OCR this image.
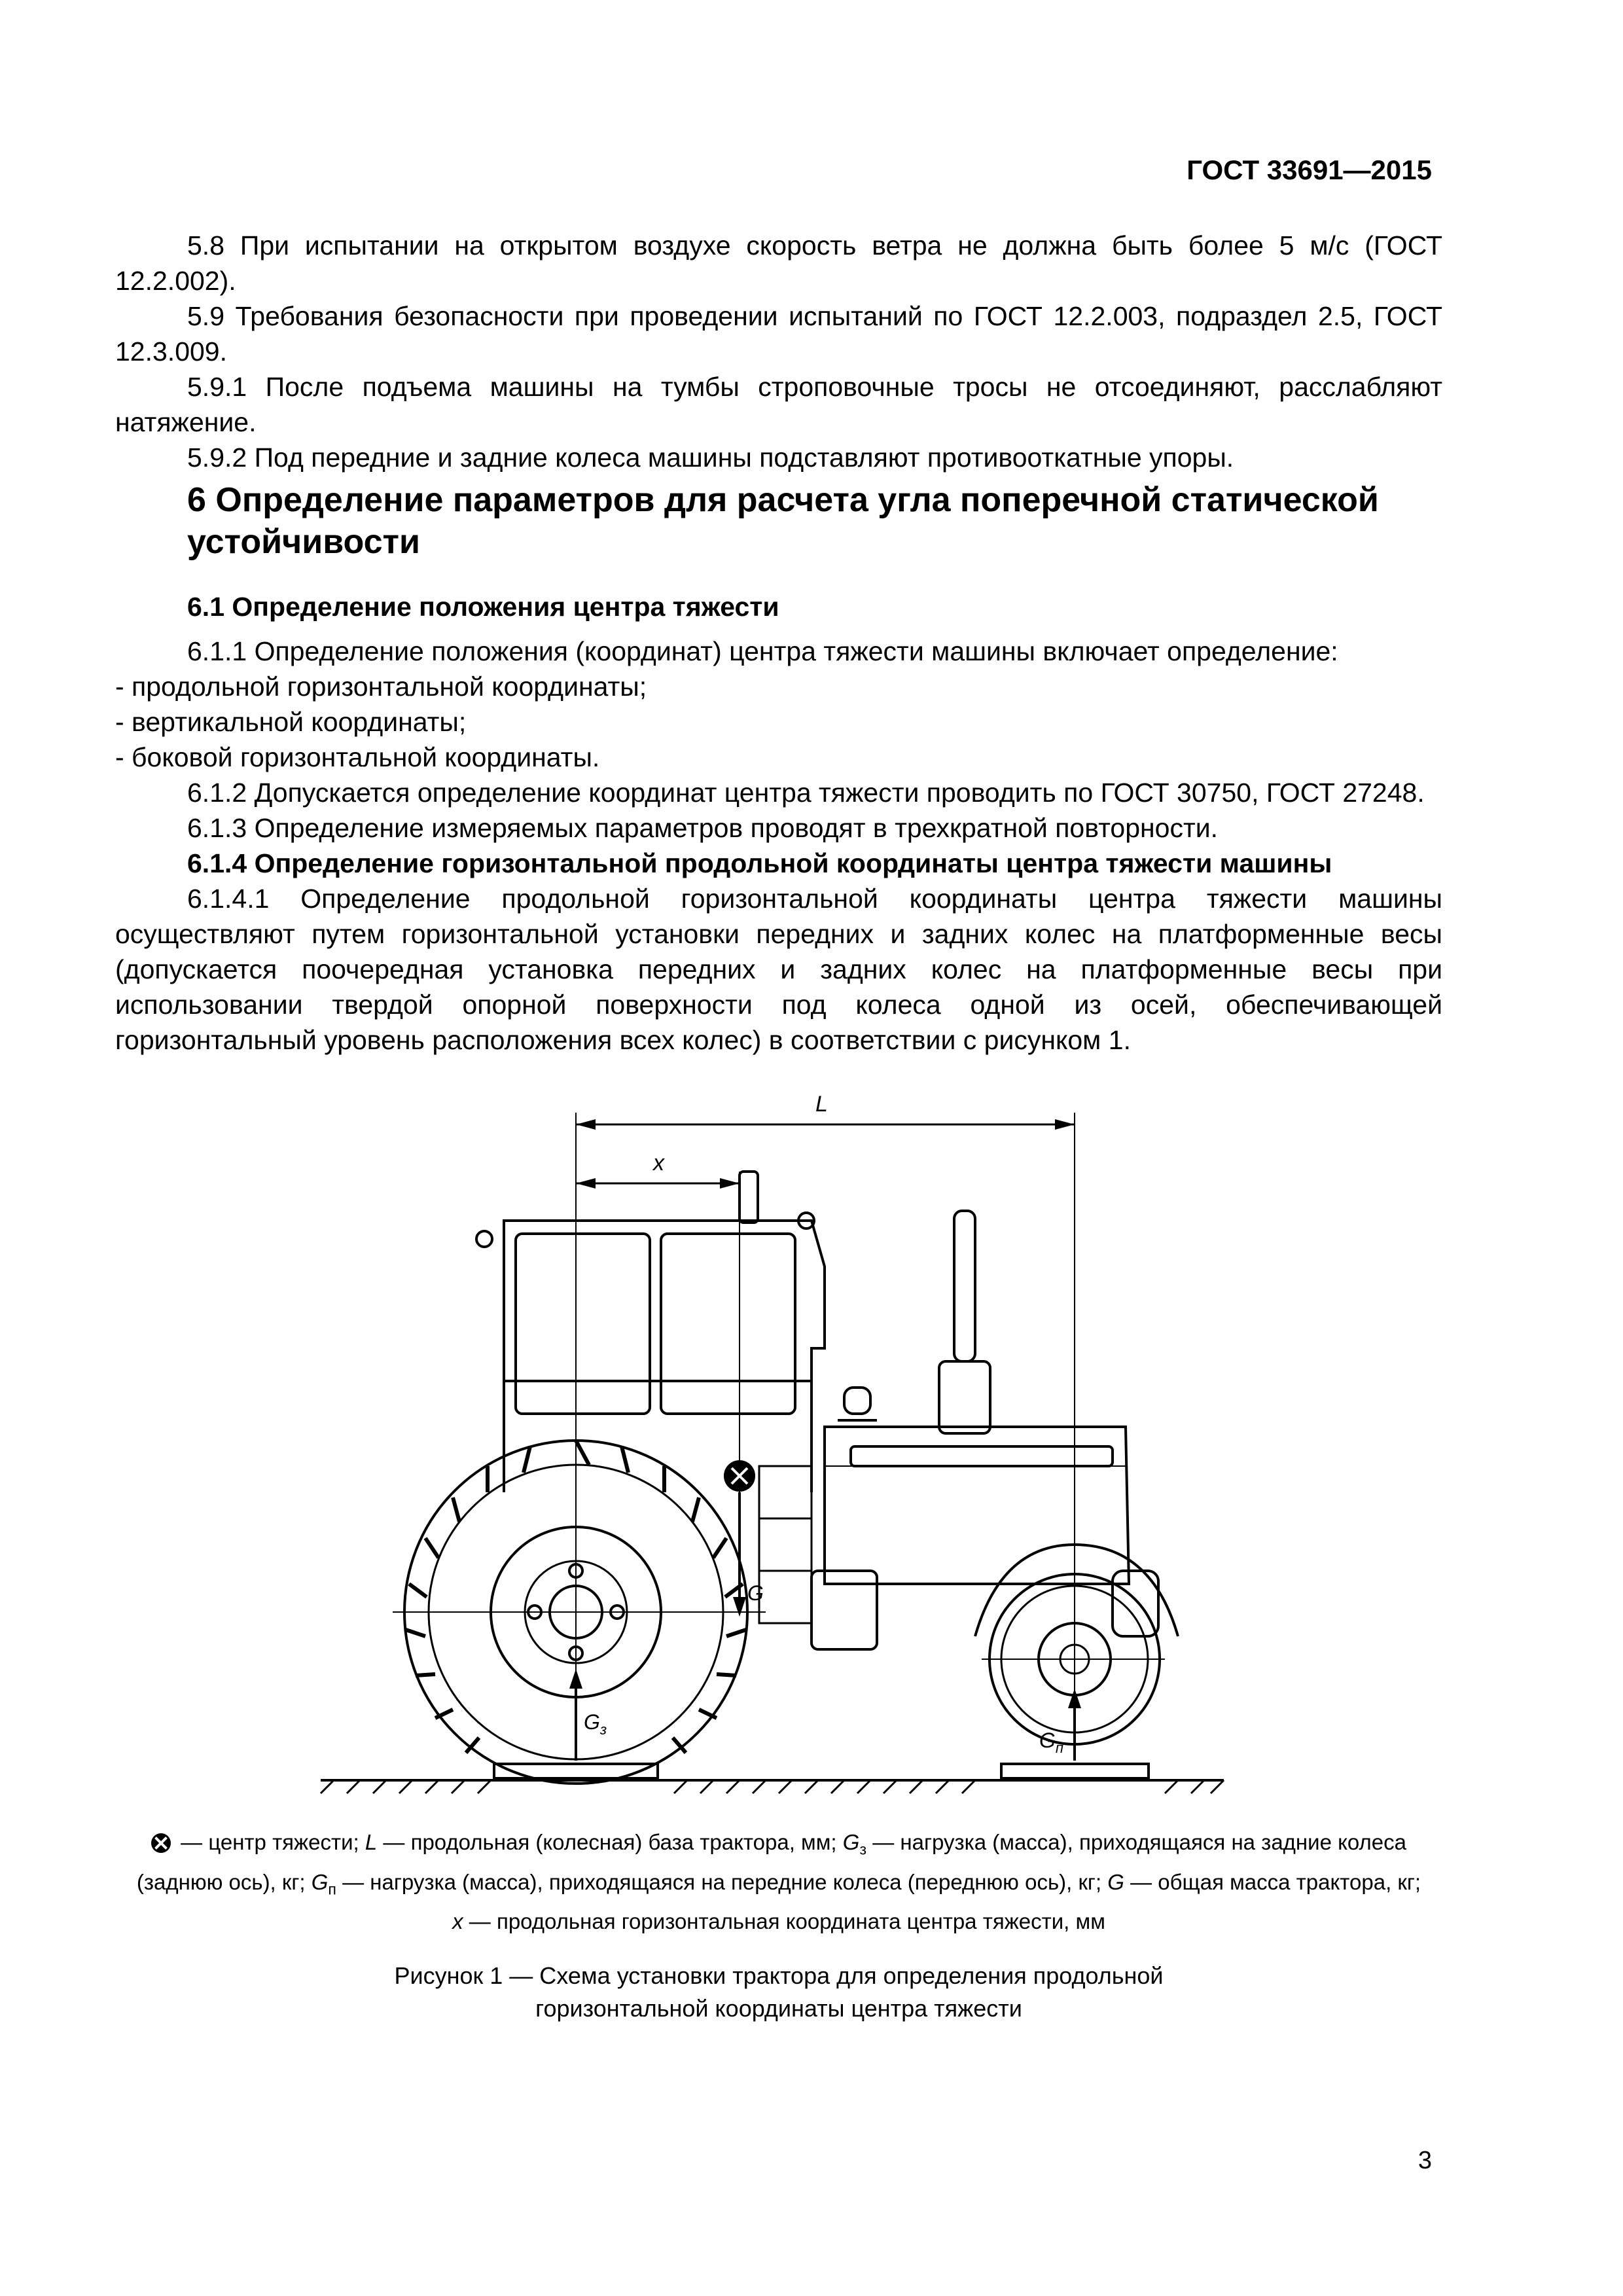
ГОСТ 33691—2015

5.8 При испытании на открытом воздухе скорость ветра не должна быть более 5 м/с (ГОСТ 12.2.002).

5.9 Требования безопасности при проведении испытаний по ГОСТ 12.2.003, подраздел 2.5, ГОСТ 12.3.009.

5.9.1 После подъема машины на тумбы строповочные тросы не отсоединяют, расслабляют натяжение.

5.9.2 Под передние и задние колеса машины подставляют противооткатные упоры.

6 Определение параметров для расчета угла поперечной статической устойчивости

6.1 Определение положения центра тяжести

6.1.1 Определение положения (координат) центра тяжести машины включает определение:

- продольной горизонтальной координаты;

- вертикальной координаты;

- боковой горизонтальной координаты.

6.1.2 Допускается определение координат центра тяжести проводить по ГОСТ 30750, ГОСТ 27248.

6.1.3 Определение измеряемых параметров проводят в трехкратной повторности.

6.1.4 Определение горизонтальной продольной координаты центра тяжести машины

6.1.4.1 Определение продольной горизонтальной координаты центра тяжести машины осуществляют путем горизонтальной установки передних и задних колес на платформенные весы (допускается поочередная установка передних и задних колес на платформенные весы при использовании твердой опорной поверхности под колеса одной из осей, обеспечивающей горизонтальный уровень расположения всех колес) в соответствии с рисунком 1.

L
x
G
$G_з$	$G_п$
— центр тяжести; L — продольная (колесная) база трактора, мм; $G_з$ — нагрузка (масса), приходящаяся на задние колеса (заднюю ось), кг; $G_п$ — нагрузка (масса), приходящаяся на передние колеса (переднюю ось), кг; G — общая масса трактора, кг;
x — продольная горизонтальная координата центра тяжести, мм
Рисунок 1 — Схема установки трактора для определения продольной
горизонтальной координаты центра тяжести
3
